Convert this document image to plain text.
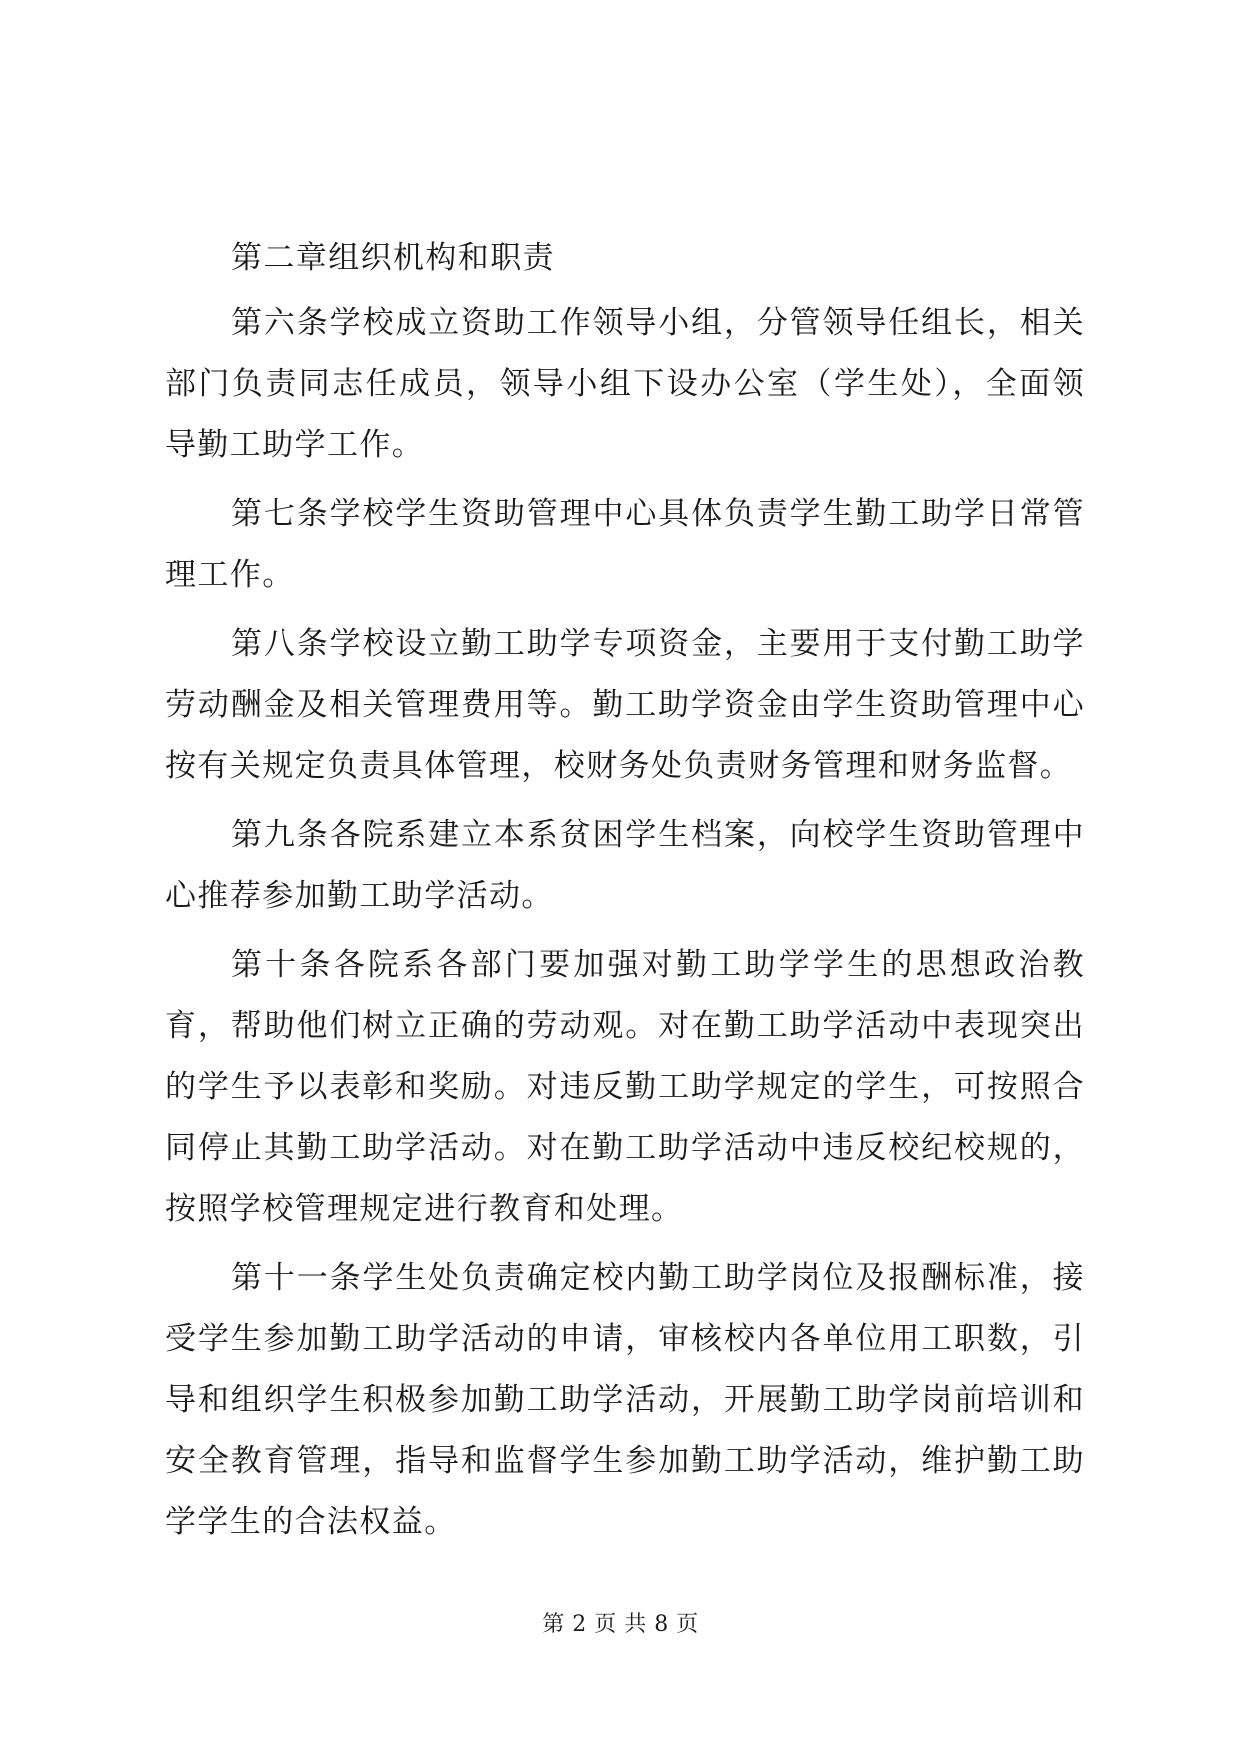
第二章组织机构和职责

第六条学校成立资助工作领导小组，分管领导任组长，相关部门负责同志任成员，领导小组下设办公室（学生处），全面领导勤工助学工作。

第七条学校学生资助管理中心具体负责学生勤工助学日常管理工作。

第八条学校设立勤工助学专项资金，主要用于支付勤工助学劳动酬金及相关管理费用等。勤工助学资金由学生资助管理中心按有关规定负责具体管理，校财务处负责财务管理和财务监督。

第九条各院系建立本系贫困学生档案，向校学生资助管理中心推荐参加勤工助学活动。

第十条各院系各部门要加强对勤工助学学生的思想政治教育，帮助他们树立正确的劳动观。对在勤工助学活动中表现突出的学生予以表彰和奖励。对违反勤工助学规定的学生，可按照合同停止其勤工助学活动。对在勤工助学活动中违反校纪校规的，按照学校管理规定进行教育和处理。

第十一条学生处负责确定校内勤工助学岗位及报酬标准，接受学生参加勤工助学活动的申请，审核校内各单位用工职数，引导和组织学生积极参加勤工助学活动，开展勤工助学岗前培训和安全教育管理，指导和监督学生参加勤工助学活动，维护勤工助学学生的合法权益。

第 2 页 共 8 页
